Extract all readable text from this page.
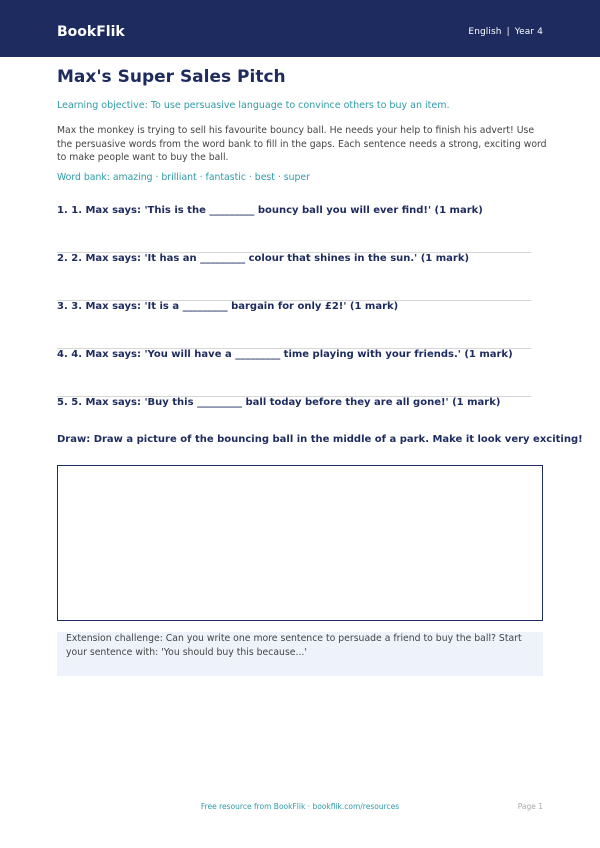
BookFlik	English | Year 4
Max's Super Sales Pitch
Learning objective: To use persuasive language to convince others to buy an item.
Max the monkey is trying to sell his favourite bouncy ball. He needs your help to finish his advert! Use the persuasive words from the word bank to fill in the gaps. Each sentence needs a strong, exciting word to make people want to buy the ball.
Word bank: amazing · brilliant · fantastic · best · super
1. 1. Max says: 'This is the _________ bouncy ball you will ever find!' (1 mark)
2. 2. Max says: 'It has an _________ colour that shines in the sun.' (1 mark)
3. 3. Max says: 'It is a _________ bargain for only £2!' (1 mark)
4. 4. Max says: 'You will have a _________ time playing with your friends.' (1 mark)
5. 5. Max says: 'Buy this _________ ball today before they are all gone!' (1 mark)
Draw: Draw a picture of the bouncing ball in the middle of a park. Make it look very exciting!
Extension challenge: Can you write one more sentence to persuade a friend to buy the ball? Start your sentence with: 'You should buy this because...'
Free resource from BookFlik · bookflik.com/resources	Page 1
